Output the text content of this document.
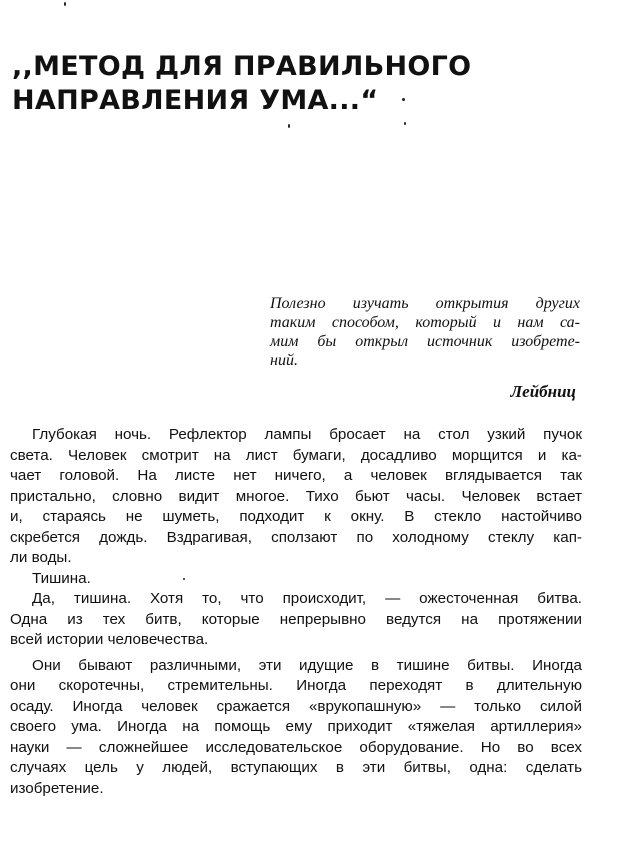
,,МЕТОД ДЛЯ ПРАВИЛЬНОГО
НАПРАВЛЕНИЯ УМА...“
Полезно изучать открытия других
таким способом, который и нам са-
мим бы открыл источник изобрете-
ний.

Лейбниц

Глубокая ночь. Рефлектор лампы бросает на стол узкий пучок
света. Человек смотрит на лист бумаги, досадливо морщится и ка-
чает головой. На листе нет ничего, а человек вглядывается так
пристально, словно видит многое. Тихо бьют часы. Человек встает
и, стараясь не шуметь, подходит к окну. В стекло настойчиво
скребется дождь. Вздрагивая, сползают по холодному стеклу кап-
ли воды.
Тишина.
Да, тишина. Хотя то, что происходит, — ожесточенная битва.
Одна из тех битв, которые непрерывно ведутся на протяжении
всей истории человечества.
Они бывают различными, эти идущие в тишине битвы. Иногда
они скоротечны, стремительны. Иногда переходят в длительную
осаду. Иногда человек сражается «врукопашную» — только силой
своего ума. Иногда на помощь ему приходит «тяжелая артиллерия»
науки — сложнейшее исследовательское оборудование. Но во всех
случаях цель у людей, вступающих в эти битвы, одна: сделать
изобретение.
